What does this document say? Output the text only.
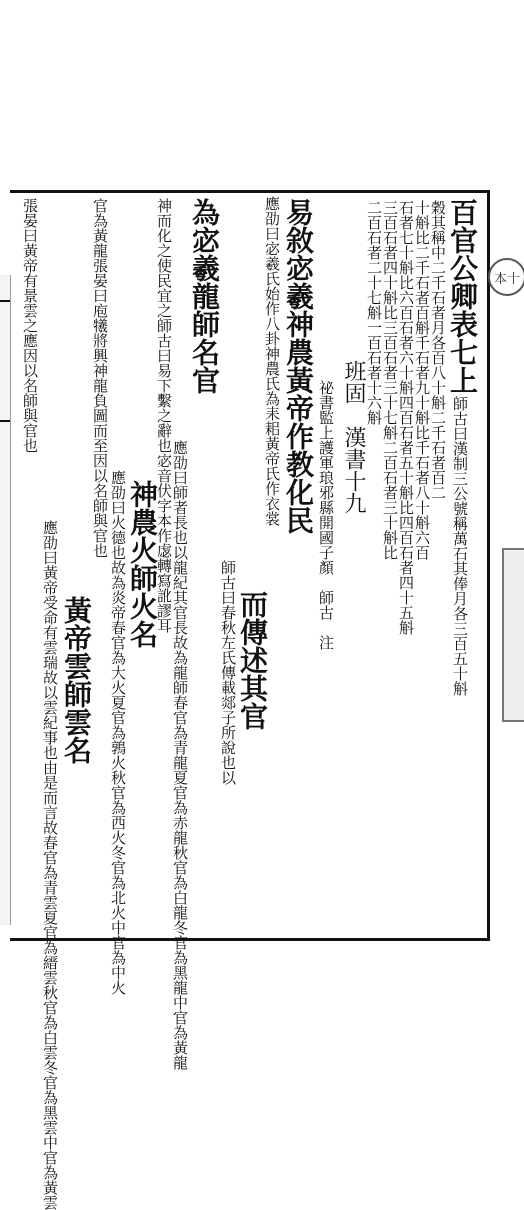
本十
百官公卿表七上
師古曰漢制三公號稱萬石其俸月各三百五十斛
穀其稱中二千石者月各百八十斛二千石者百二
十斛比二千石者百斛千石者九十斛比千石者八十斛六百
石者七十斛比六百石者六十斛四百石者五十斛比四百石者四十五斛
三百石者四十斛比三百石者三十七斛二百石者三十斛比
二百石者二十七斛一百石者十六斛
班固　漢書十九
祕書監上護軍琅邪縣開國子顏　師古　注
易敘宓羲神農黃帝作教化民
應劭曰宓羲氏始作八卦神農氏為耒耜黃帝氏作衣裳
而傳述其官
師古曰春秋左氏傳載郯子所說也以
為宓羲龍師名官
應劭曰師者長也以龍紀其官長故為龍師春官為青龍夏官為赤龍秋官為白龍冬官為黑龍中官為黃龍
神而化之使民宜之師古曰易下繫之辭也宓音伏字本作虙轉寫訛謬耳
神農火師火名
應劭曰火德也故為炎帝春官為大火夏官為鶉火秋官為西火冬官為北火中官為中火
官為黃龍張晏曰庖犧將興神龍負圖而至因以名師與官也
黃帝雲師雲名
應劭曰黃帝受命有雲瑞故以雲紀事也由是而言故春官為青雲夏官為縉雲秋官為白雲冬官為黑雲中官為黃雲
張晏曰黃帝有景雲之應因以名師與官也
